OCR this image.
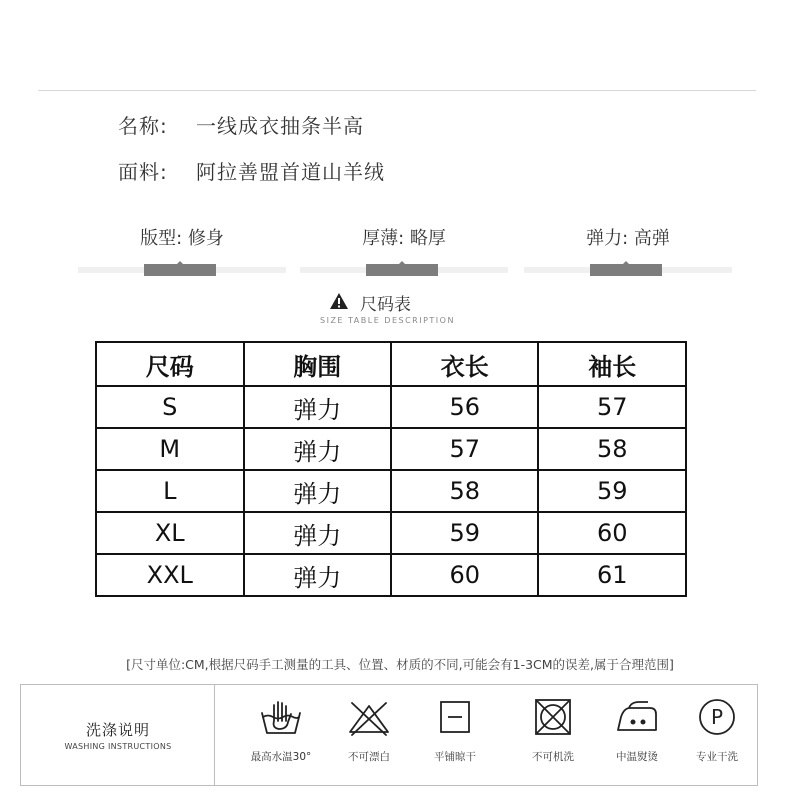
名称: 一线成衣抽条半高
面料: 阿拉善盟首道山羊绒
版型: 修身	厚薄: 略厚	弹力: 高弹
尺码表
SIZE TABLE DESCRIPTION
尺码	胸围	衣长	袖长
S	弹力	56	57
M	弹力	57	58
L	弹力	58	59
XL	弹力	59	60
XXL	弹力	60	61
[尺寸单位:CM,根据尺码手工测量的工具、位置、材质的不同,可能会有1-3CM的误差,属于合理范围]
洗涤说明
WASHING INSTRUCTIONS
最高水温30°	不可漂白	平铺晾干	不可机洗	中温熨烫
P
专业干洗
